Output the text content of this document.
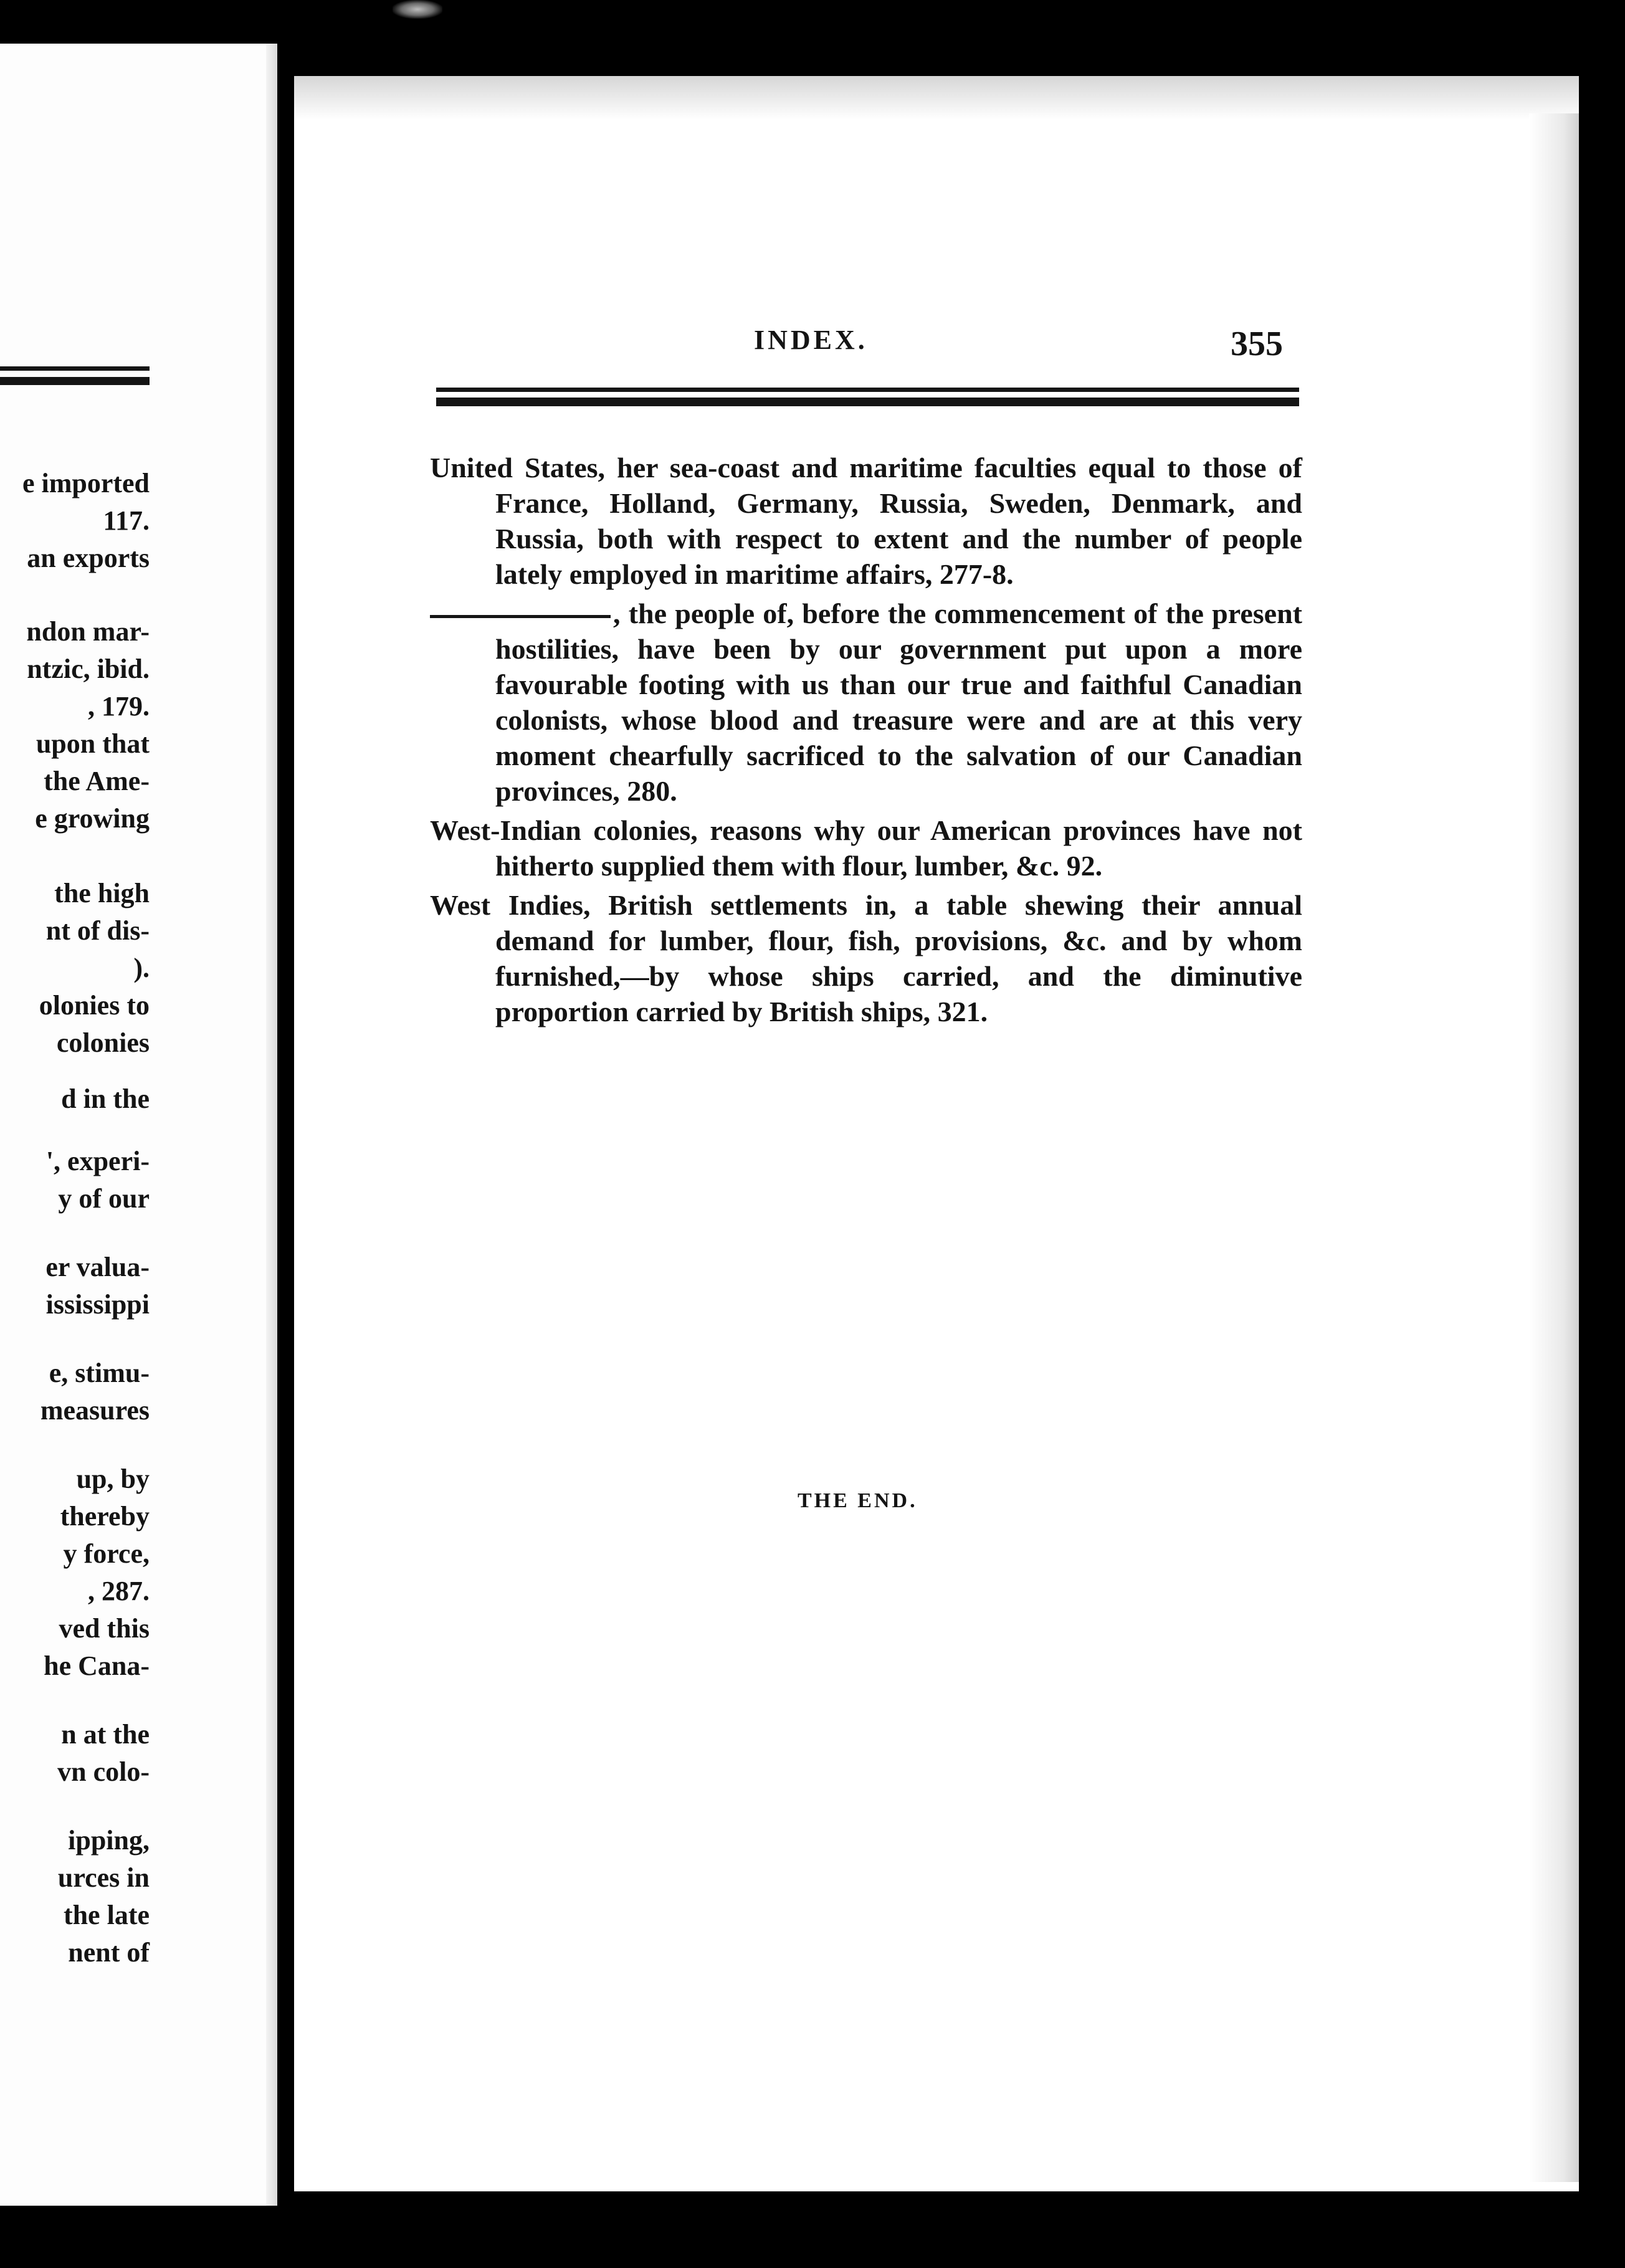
e imported
117.
an exports
ndon mar-
ntzic, ibid.
, 179.
upon that
the Ame-
e growing
the high
nt of dis-
).
olonies to
colonies
d in the
', experi-
y of our
er valua-
ississippi
e, stimu-
measures
up, by
thereby
y force,
, 287.
ved this
he Cana-
n at the
vn colo-
ipping,
urces in
the late
nent of
INDEX.	355

United States, her sea-coast and maritime faculties equal to those of France, Holland, Germany, Russia, Sweden, Denmark, and Russia, both with respect to extent and the number of people lately employed in maritime affairs, 277-8.

, the people of, before the commencement of the present hostilities, have been by our government put upon a more favourable footing with us than our true and faithful Canadian colonists, whose blood and treasure were and are at this very moment chearfully sacrificed to the salvation of our Canadian provinces, 280.

West-Indian colonies, reasons why our American provinces have not hitherto supplied them with flour, lumber, &c. 92.

West Indies, British settlements in, a table shewing their annual demand for lumber, flour, fish, provisions, &c. and by whom furnished,—by whose ships carried, and the diminutive proportion carried by British ships, 321.

THE END.
